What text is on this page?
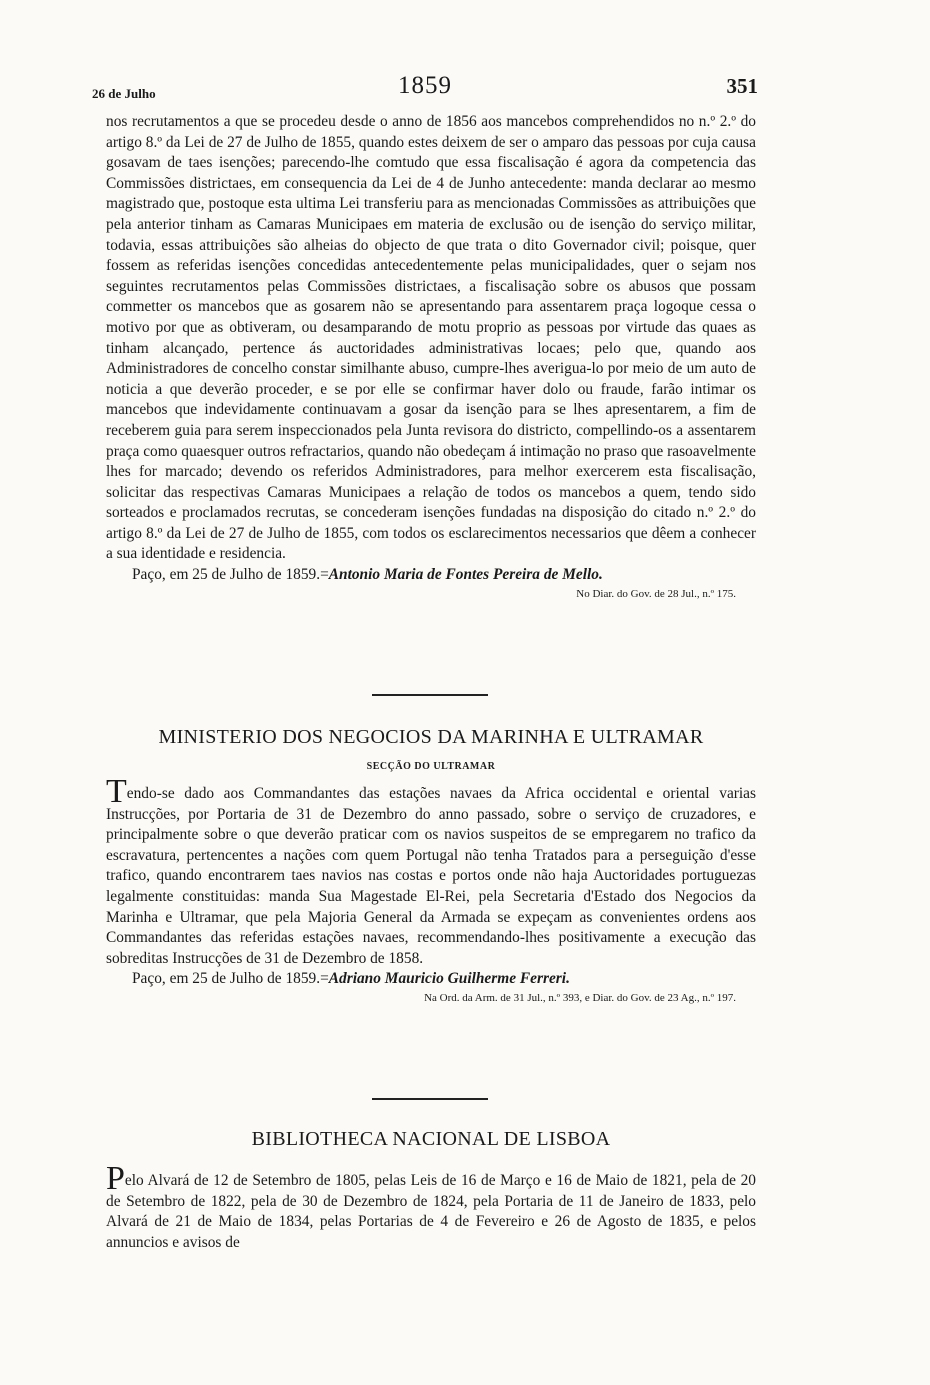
26 de Julho	1859	351

nos recrutamentos a que se procedeu desde o anno de 1856 aos mancebos comprehendidos no n.º 2.º do artigo 8.º da Lei de 27 de Julho de 1855, quando estes deixem de ser o amparo das pessoas por cuja causa gosavam de taes isenções; parecendo-lhe comtudo que essa fiscalisação é agora da competencia das Commissões districtaes, em consequencia da Lei de 4 de Junho antecedente: manda declarar ao mesmo magistrado que, postoque esta ultima Lei transferiu para as mencionadas Commissões as attribuições que pela anterior tinham as Camaras Municipaes em materia de exclusão ou de isenção do serviço militar, todavia, essas attribuições são alheias do objecto de que trata o dito Governador civil; poisque, quer fossem as referidas isenções concedidas antecedentemente pelas municipalidades, quer o sejam nos seguintes recrutamentos pelas Commissões districtaes, a fiscalisação sobre os abusos que possam commetter os mancebos que as gosarem não se apresentando para assentarem praça logoque cessa o motivo por que as obtiveram, ou desamparando de motu proprio as pessoas por virtude das quaes as tinham alcançado, pertence ás auctoridades administrativas locaes; pelo que, quando aos Administradores de concelho constar similhante abuso, cumpre-lhes averigua-lo por meio de um auto de noticia a que deverão proceder, e se por elle se confirmar haver dolo ou fraude, farão intimar os mancebos que indevidamente continuavam a gosar da isenção para se lhes apresentarem, a fim de receberem guia para serem inspeccionados pela Junta revisora do districto, compellindo-os a assentarem praça como quaesquer outros refractarios, quando não obedeçam á intimação no praso que rasoavelmente lhes for marcado; devendo os referidos Administradores, para melhor exercerem esta fiscalisação, solicitar das respectivas Camaras Municipaes a relação de todos os mancebos a quem, tendo sido sorteados e proclamados recrutas, se concederam isenções fundadas na disposição do citado n.º 2.º do artigo 8.º da Lei de 27 de Julho de 1855, com todos os esclarecimentos necessarios que dêem a conhecer a sua identidade e residencia.

Paço, em 25 de Julho de 1859.=Antonio Maria de Fontes Pereira de Mello.

No Diar. do Gov. de 28 Jul., n.º 175.

MINISTERIO DOS NEGOCIOS DA MARINHA E ULTRAMAR

SECÇÃO DO ULTRAMAR

Tendo-se dado aos Commandantes das estações navaes da Africa occidental e oriental varias Instrucções, por Portaria de 31 de Dezembro do anno passado, sobre o serviço de cruzadores, e principalmente sobre o que deverão praticar com os navios suspeitos de se empregarem no trafico da escravatura, pertencentes a nações com quem Portugal não tenha Tratados para a perseguição d'esse trafico, quando encontrarem taes navios nas costas e portos onde não haja Auctoridades portuguezas legalmente constituidas: manda Sua Magestade El-Rei, pela Secretaria d'Estado dos Negocios da Marinha e Ultramar, que pela Majoria General da Armada se expeçam as convenientes ordens aos Commandantes das referidas estações navaes, recommendando-lhes positivamente a execução das sobreditas Instrucções de 31 de Dezembro de 1858.

Paço, em 25 de Julho de 1859.=Adriano Mauricio Guilherme Ferreri.

Na Ord. da Arm. de 31 Jul., n.º 393, e Diar. do Gov. de 23 Ag., n.º 197.

BIBLIOTHECA NACIONAL DE LISBOA

Pelo Alvará de 12 de Setembro de 1805, pelas Leis de 16 de Março e 16 de Maio de 1821, pela de 20 de Setembro de 1822, pela de 30 de Dezembro de 1824, pela Portaria de 11 de Janeiro de 1833, pelo Alvará de 21 de Maio de 1834, pelas Portarias de 4 de Fevereiro e 26 de Agosto de 1835, e pelos annuncios e avisos de
